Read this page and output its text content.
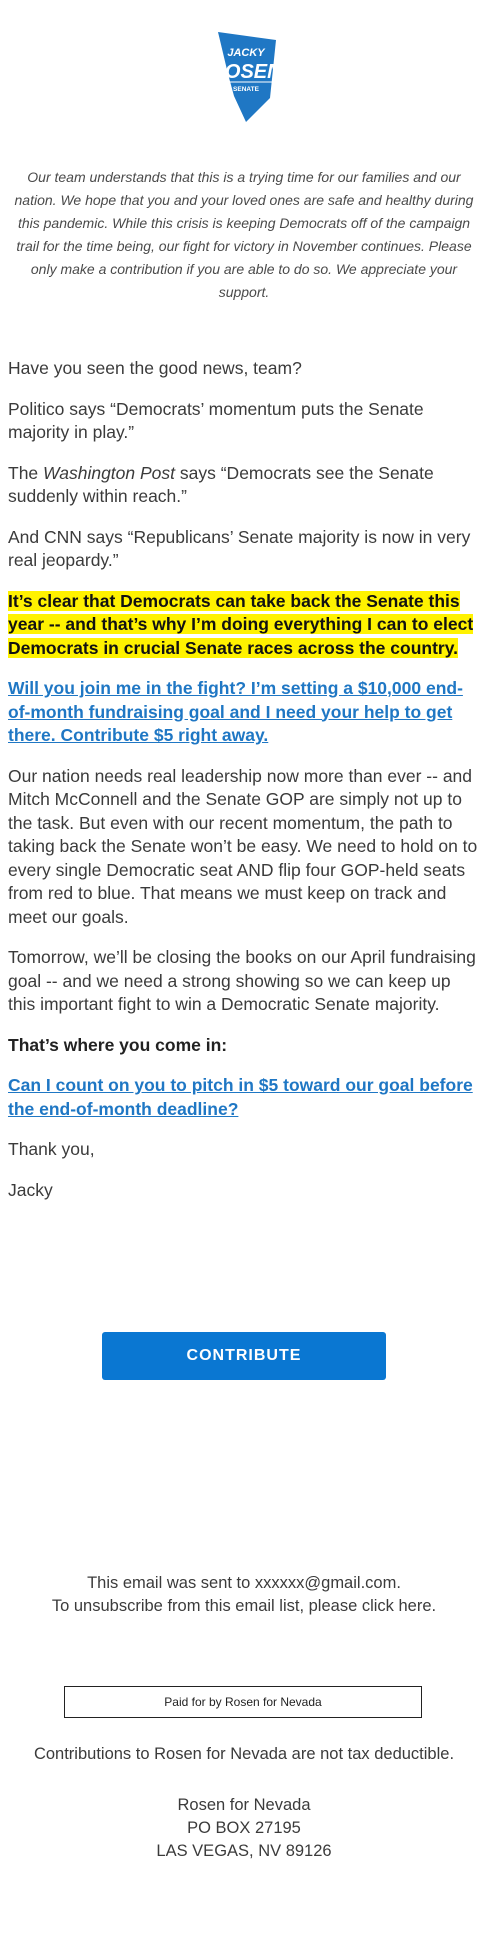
JACKY
ROSEN
SENATE

Our team understands that this is a trying time for our families and our nation. We hope that you and your loved ones are safe and healthy during this pandemic. While this crisis is keeping Democrats off of the campaign trail for the time being, our fight for victory in November continues. Please only make a contribution if you are able to do so. We appreciate your support.

Have you seen the good news, team?

Politico says “Democrats’ momentum puts the Senate majority in play.”

The Washington Post says “Democrats see the Senate suddenly within reach.”

And CNN says “Republicans’ Senate majority is now in very real jeopardy.”

It’s clear that Democrats can take back the Senate this year -- and that’s why I’m doing everything I can to elect Democrats in crucial Senate races across the country.

Will you join me in the fight? I’m setting a $10,000 end-of-month fundraising goal and I need your help to get there. Contribute $5 right away.

Our nation needs real leadership now more than ever -- and Mitch McConnell and the Senate GOP are simply not up to the task. But even with our recent momentum, the path to taking back the Senate won’t be easy. We need to hold on to every single Democratic seat AND flip four GOP-held seats from red to blue. That means we must keep on track and meet our goals.

Tomorrow, we’ll be closing the books on our April fundraising goal -- and we need a strong showing so we can keep up this important fight to win a Democratic Senate majority.

That’s where you come in:

Can I count on you to pitch in $5 toward our goal before the end-of-month deadline?

Thank you,

Jacky

CONTRIBUTE
This email was sent to xxxxxx@gmail.com.
To unsubscribe from this email list, please click here.
Paid for by Rosen for Nevada
Contributions to Rosen for Nevada are not tax deductible.
Rosen for Nevada
PO BOX 27195
LAS VEGAS, NV 89126
